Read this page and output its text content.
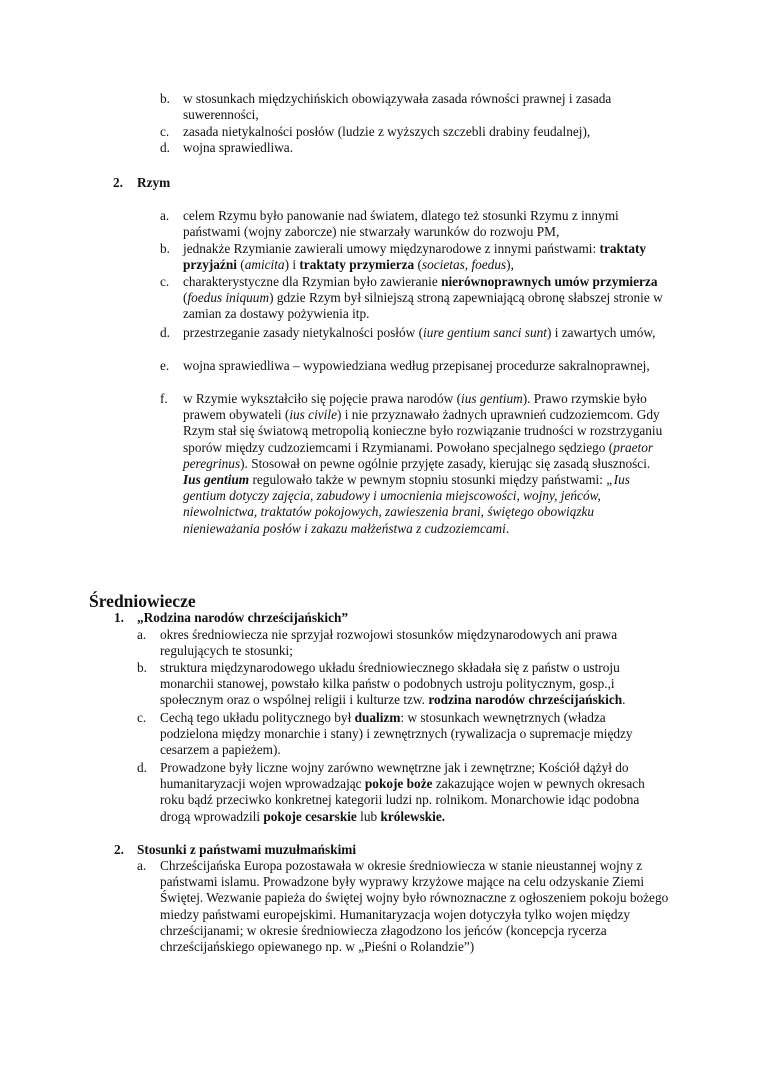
b. w stosunkach międzychińskich obowiązywała zasada równości prawnej i zasada suwerenności,
c. zasada nietykalności posłów (ludzie z wyższych szczebli drabiny feudalnej),
d. wojna sprawiedliwa.
2. Rzym
a. celem Rzymu było panowanie nad światem, dlatego też stosunki Rzymu z innymi państwami (wojny zaborcze) nie stwarzały warunków do rozwoju PM,
b. jednakże Rzymianie zawierali umowy międzynarodowe z innymi państwami: traktaty przyjaźni (amicita) i traktaty przymierza (societas, foedus),
c. charakterystyczne dla Rzymian było zawieranie nierównoprawnych umów przymierza (foedus iniquum) gdzie Rzym był silniejszą stroną zapewniającą obronę słabszej stronie w zamian za dostawy pożywienia itp.
d. przestrzeganie zasady nietykalności posłów (iure gentium sanci sunt) i zawartych umów,
e. wojna sprawiedliwa – wypowiedziana według przepisanej procedurze sakralnoprawnej,
f. w Rzymie wykształciło się pojęcie prawa narodów (ius gentium). Prawo rzymskie było prawem obywateli (ius civile) i nie przyznawało żadnych uprawnień cudzoziemcom. Gdy Rzym stał się światową metropolią konieczne było rozwiązanie trudności w rozstrzyganiu sporów między cudzoziemcami i Rzymianami. Powołano specjalnego sędziego (praetor peregrinus). Stosował on pewne ogólnie przyjęte zasady, kierując się zasadą słuszności. Ius gentium regulowało także w pewnym stopniu stosunki między państwami: „Ius gentium dotyczy zajęcia, zabudowy i umocnienia miejscowości, wojny, jeńców, niewolnictwa, traktatów pokojowych, zawieszenia brani, świętego obowiązku nienieważania posłów i zakazu małżeństwa z cudzoziemcami.
Średniowiecze
1. „Rodzina narodów chrześcijańskich”
a. okres średniowiecza nie sprzyjał rozwojowi stosunków międzynarodowych ani prawa regulujących te stosunki;
b. struktura międzynarodowego układu średniowiecznego składała się z państw o ustroju monarchii stanowej, powstało kilka państw o podobnych ustroju politycznym, gosp.,i społecznym oraz o wspólnej religii i kulturze tzw. rodzina narodów chrześcijańskich.
c. Cechą tego układu politycznego był dualizm: w stosunkach wewnętrznych (władza podzielona między monarchie i stany) i zewnętrznych (rywalizacja o supremacje między cesarzem a papieżem).
d. Prowadzone były liczne wojny zarówno wewnętrzne jak i zewnętrzne; Kościół dążył do humanitaryzacji wojen wprowadzając pokoje boże zakazujące wojen w pewnych okresach roku bądź przeciwko konkretnej kategorii ludzi np. rolnikom. Monarchowie idąc podobna drogą wprowadzili pokoje cesarskie lub królewskie.
2. Stosunki z państwami muzułmańskimi
a. Chrześcijańska Europa pozostawała w okresie średniowiecza w stanie nieustannej wojny z państwami islamu. Prowadzone były wyprawy krzyżowe mające na celu odzyskanie Ziemi Świętej. Wezwanie papieża do świętej wojny było równoznaczne z ogłoszeniem pokoju bożego miedzy państwami europejskimi. Humanitaryzacja wojen dotyczyła tylko wojen między chrześcijanami; w okresie średniowiecza złagodzono los jeńców (koncepcja rycerza chrześcijańskiego opiewanego np. w „Pieśni o Rolandzie”)
